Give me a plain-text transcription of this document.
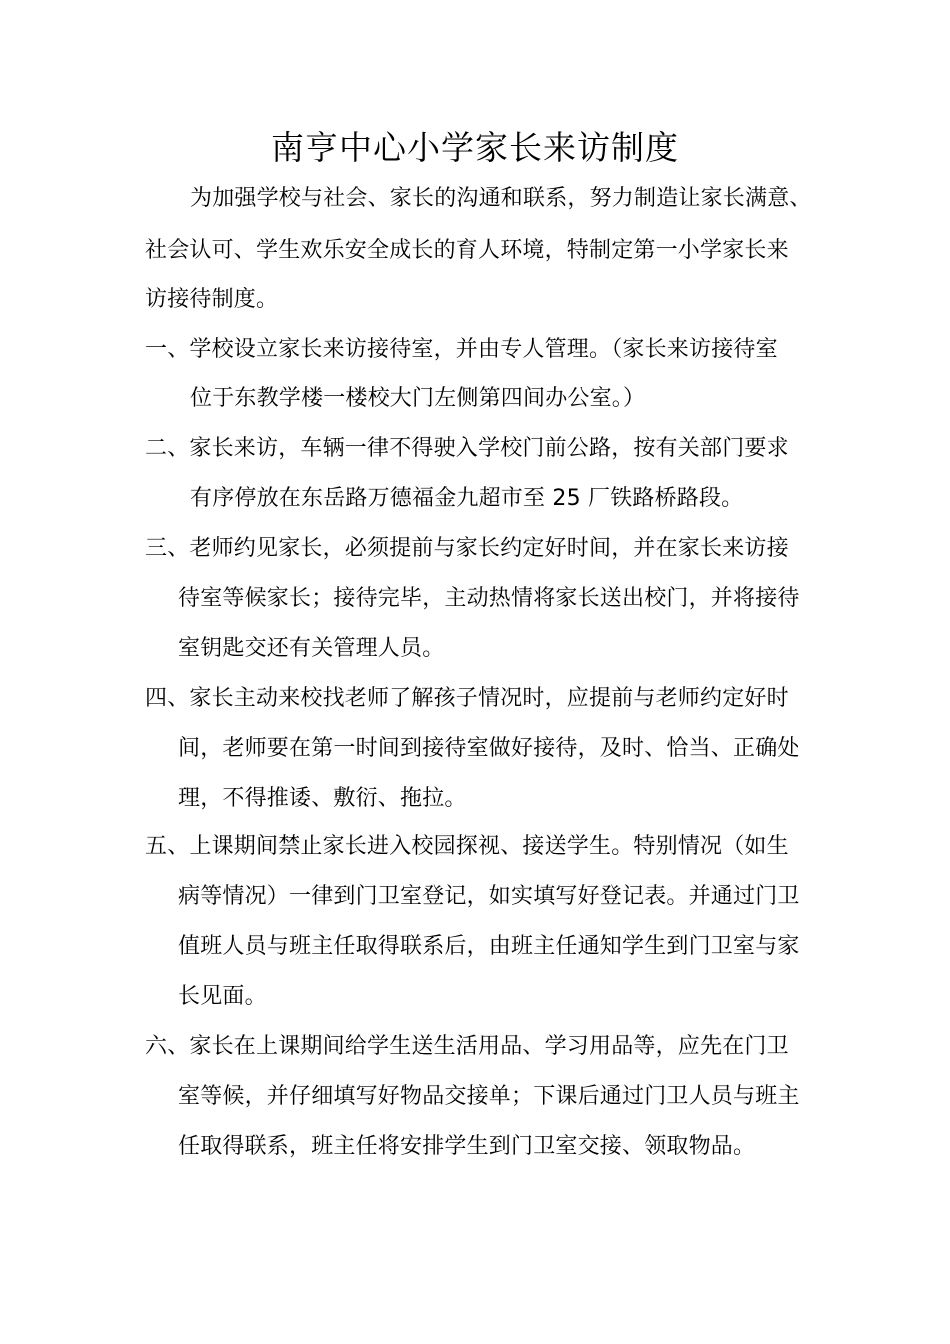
南亨中心小学家长来访制度
为加强学校与社会、家长的沟通和联系，努力制造让家长满意、
社会认可、学生欢乐安全成长的育人环境，特制定第一小学家长来
访接待制度。
一、学校设立家长来访接待室，并由专人管理。（家长来访接待室
位于东教学楼一楼校大门左侧第四间办公室。）
二、家长来访，车辆一律不得驶入学校门前公路，按有关部门要求
有序停放在东岳路万德福金九超市至 25 厂铁路桥路段。
三、老师约见家长，必须提前与家长约定好时间，并在家长来访接
待室等候家长；接待完毕，主动热情将家长送出校门，并将接待
室钥匙交还有关管理人员。
四、家长主动来校找老师了解孩子情况时，应提前与老师约定好时
间，老师要在第一时间到接待室做好接待，及时、恰当、正确处
理，不得推诿、敷衍、拖拉。
五、上课期间禁止家长进入校园探视、接送学生。特别情况（如生
病等情况）一律到门卫室登记，如实填写好登记表。并通过门卫
值班人员与班主任取得联系后，由班主任通知学生到门卫室与家
长见面。
六、家长在上课期间给学生送生活用品、学习用品等，应先在门卫
室等候，并仔细填写好物品交接单；下课后通过门卫人员与班主
任取得联系，班主任将安排学生到门卫室交接、领取物品。
